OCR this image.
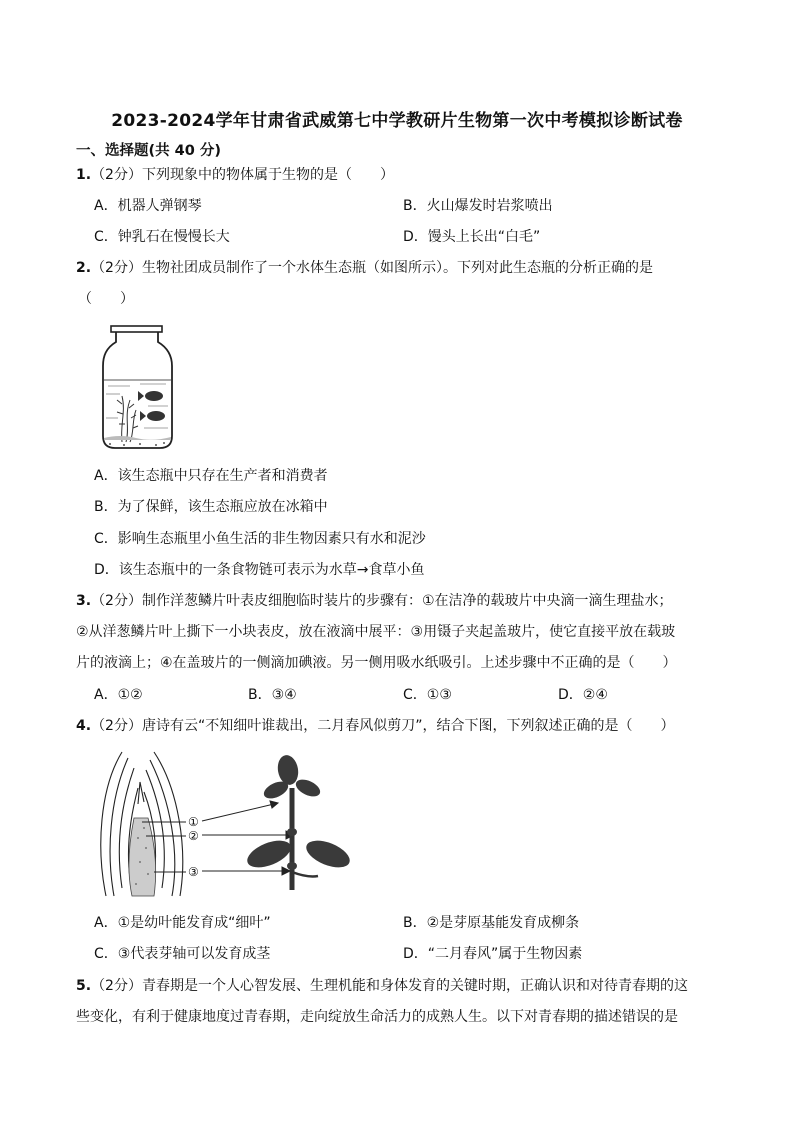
2023-2024学年甘肃省武威第七中学教研片生物第一次中考模拟诊断试卷
一、选择题(共 40 分)
1.（2分）下列现象中的物体属于生物的是（　　）
A．机器人弹钢琴	B．火山爆发时岩浆喷出
C．钟乳石在慢慢长大	D．馒头上长出“白毛”
2.（2分）生物社团成员制作了一个水体生态瓶（如图所示）。下列对此生态瓶的分析正确的是
（　　）
A．该生态瓶中只存在生产者和消费者
B．为了保鲜，该生态瓶应放在冰箱中
C．影响生态瓶里小鱼生活的非生物因素只有水和泥沙
D．该生态瓶中的一条食物链可表示为水草→食草小鱼
3.（2分）制作洋葱鳞片叶表皮细胞临时装片的步骤有：①在洁净的载玻片中央滴一滴生理盐水；
②从洋葱鳞片叶上撕下一小块表皮，放在液滴中展平：③用镊子夹起盖玻片，使它直接平放在载玻
片的液滴上；④在盖玻片的一侧滴加碘液。另一侧用吸水纸吸引。上述步骤中不正确的是（　　）
A．①②	B．③④	C．①③	D．②④
4.（2分）唐诗有云“不知细叶谁裁出，二月春风似剪刀”，结合下图，下列叙述正确的是（　　）
①
②
③
A．①是幼叶能发育成“细叶”	B．②是芽原基能发育成柳条
C．③代表芽轴可以发育成茎	D．“二月春风”属于生物因素
5.（2分）青春期是一个人心智发展、生理机能和身体发育的关键时期，正确认识和对待青春期的这
些变化，有利于健康地度过青春期，走向绽放生命活力的成熟人生。以下对青春期的描述错误的是
